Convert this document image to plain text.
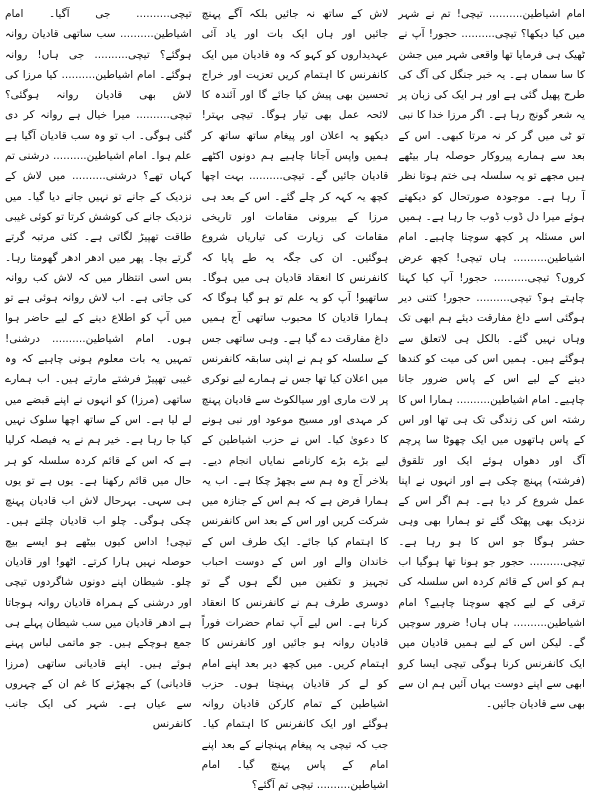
امام اشیاطین.......... تیچی! تم نے شہر میں کیا دیکھا؟ تیچی.......... حجور! آپ نے ٹھیک ہی فرمایا تھا واقعی شہر میں جشن کا سا سماں ہے۔ یہ خبر جنگل کی آگ کی طرح پھیل گئی ہے اور ہر ایک کی زبان پر یہ شعر گونج رہا ہے۔ اگر مرزا خدا کا نبی تو ٹی میں گر کر نہ مرتا کبھی۔ اس کے بعد سے ہمارے پیروکار حوصلہ ہار بیٹھے ہیں مجھے تو یہ سلسلہ ہی ختم ہوتا نظر آ رہا ہے۔ موجودہ صورتحال کو دیکھتے ہوئے میرا دل ڈوب ڈوب جا رہا ہے۔ ہمیں اس مسئلہ پر کچھ سوچنا چاہیے۔ امام اشیاطین.......... ہاں تیچی! کچھ عرض کروں؟ تیچی.......... حجور! آپ کیا کہنا چاہتے ہو؟ تیچی.......... حجور! کتنی دیر ہوگئی اسے داغ مفارقت دیئے ہم ابھی تک وہاں نہیں گئے۔ بالکل ہی لاتعلق سے ہوگئے ہیں۔ ہمیں اس کی میت کو کندھا دینے کے لیے اس کے پاس ضرور جانا چاہیے۔ امام اشیاطین.......... ہمارا اس کا رشتہ اس کی زندگی تک ہی تھا اور اس کے پاس ہاتھوں میں ایک چھوٹا سا پرچم آگ اور دھواں ہوئے ایک اور تلقوق (فرشتہ) پہنچ چکی ہے اور انہوں نے اپنا عمل شروع کر دیا ہے۔ ہم اگر اس کے نزدیک بھی پھٹک گئے تو ہمارا بھی وہی حشر ہوگا جو اس کا ہو رہا ہے۔ تیچی.......... حجور جو ہونا تھا ہوگیا اب ہم کو اس کے قائم کردہ اس سلسلہ کی ترقی کے لیے کچھ سوچنا چاہیے؟ امام اشیاطین.......... ہاں ہاں! ضرور سوچیں گے۔ لیکن اس کے لیے ہمیں قادیان میں ایک کانفرنس کرنا ہوگی تیچی ایسا کرو ابھی سے اپنے دوست یہاں آئیں ہم ان سے بھی سے قادیان جائیں۔

لاش کے ساتھ نہ جائیں بلکہ آگے پہنچ جائیں اور ہاں ایک بات اور یاد آئی عہدیداروں کو کہو کہ وہ قادیان میں ایک کانفرنس کا اہتمام کریں تعزیت اور خراج تحسین بھی پیش کیا جائے گا اور آئندہ کا لائحہ عمل بھی تیار ہوگا۔ تیچی بہتر! دیکھو یہ اعلان اور پیغام ساتھ ساتھ کر ہمیں واپس آجانا چاہیے ہم دونوں اکٹھے قادیان جائیں گے۔ تیچی.......... بہت اچھا کچھ یہ کہہ کر چلے گئے۔ اس کے بعد ہی مرزا کے بیرونی مقامات اور تاریخی مقامات کی زیارت کی تیاریاں شروع ہوگئیں۔ ان کی جگہ یہ طے پایا کہ کانفرنس کا انعقاد قادیان ہی میں ہوگا۔ ساتھیو! آپ کو یہ علم تو ہو گیا ہوگا کہ ہمارا قادیان کا محبوب ساتھی آج ہمیں داغ مفارقت دے گیا ہے۔ وہی ساتھی جس کے سلسلہ کو ہم نے اپنی سابقہ کانفرنس میں اعلان کیا تھا جس نے ہمارے لیے نوکری پر لات ماری اور سیالکوٹ سے قادیان پہنچ کر مہدی اور مسیح موعود اور نبی ہونے کا دعویٰ کیا۔ اس نے حزب اشیاطین کے لیے بڑے بڑے کارنامے نمایاں انجام دیے۔ بلاخر آج وہ ہم سے بچھڑ چکا ہے۔ اب یہ ہمارا فرض ہے کہ ہم اس کے جنازہ میں شرکت کریں اور اس کے بعد اس کانفرنس کا اہتمام کیا جائے۔ ایک طرف اس کے خاندان والے اور اس کے دوست احباب تجہیز و تکفین میں لگے ہوں گے تو دوسری طرف ہم نے کانفرنس کا انعقاد کرنا ہے۔ اس لیے آپ تمام حضرات فوراً قادیان روانہ ہو جائیں اور کانفرنس کا اہتمام کریں۔ میں کچھ دیر بعد اپنے امام کو لے کر قادیان پہنچتا ہوں۔ حزب اشیاطین کے تمام کارکن قادیان روانہ ہوگئے اور ایک کانفرنس کا اہتمام کیا۔ جب کہ تیچی یہ پیغام پہنچانے کے بعد اپنے امام کے پاس پہنچ گیا۔ امام اشیاطین.......... تیچی تم آگئے؟

تیچی.......... جی آگیا۔ امام اشیاطین.......... سب ساتھی قادیان روانہ ہوگئے؟ تیچی.......... جی ہاں! روانہ ہوگئے۔ امام اشیاطین.......... کیا مرزا کی لاش بھی قادیان روانہ ہوگئی؟ تیچی.......... میرا خیال ہے روانہ کر دی گئی ہوگی۔ اب تو وہ سب قادیان آگیا ہے علم ہوا۔ امام اشیاطین.......... درشنی تم کہاں تھے؟ درشنی.......... میں لاش کے نزدیک کے جانے تو نہیں جانے دیا گیا۔ میں نزدیک جانے کی کوشش کرتا تو کوئی غیبی طاقت تھپیڑ لگاتی ہے۔ کئی مرتبہ گرتے گرتے بچا۔ پھر میں ادھر ادھر گھومتا رہا۔ بس اسی انتظار میں کہ لاش کب روانہ کی جاتی ہے۔ اب لاش روانہ ہوئی ہے تو میں آپ کو اطلاع دینے کے لیے حاضر ہوا ہوں۔ امام اشیاطین.......... درشنی! تمہیں یہ بات معلوم ہونی چاہیے کہ وہ غیبی تھپیڑ فرشتے مارتے ہیں۔ اب ہمارے ساتھی (مرزا) کو انہوں نے اپنے قبضے میں لے لیا ہے۔ اس کے ساتھ اچھا سلوک نہیں کیا جا رہا ہے۔ خیر ہم نے یہ فیصلہ کرلیا ہے کہ اس کے قائم کردہ سلسلہ کو ہر حال میں قائم رکھنا ہے۔ یوں ہے تو یوں ہی سہی۔ بہرحال لاش اب قادیان پہنچ چکی ہوگی۔ چلو اب قادیان چلتے ہیں۔ تیچی! اداس کیوں بیٹھے ہو ایسے بیچ حوصلہ نہیں ہارا کرتے۔ اٹھو! اور قادیان چلو۔ شیطان اپنے دونوں شاگردوں تیچی اور درشنی کے ہمراہ قادیان روانہ ہوجاتا ہے ادھر قادیان میں سب شیطان پہلے ہی جمع ہوچکے ہیں۔ جو ماتمی لباس پہنے ہوئے ہیں۔ اپنے قادیانی ساتھی (مرزا قادیانی) کے بچھڑنے کا غم ان کے چہروں سے عیاں ہے۔ شہر کی ایک جانب کانفرنس
